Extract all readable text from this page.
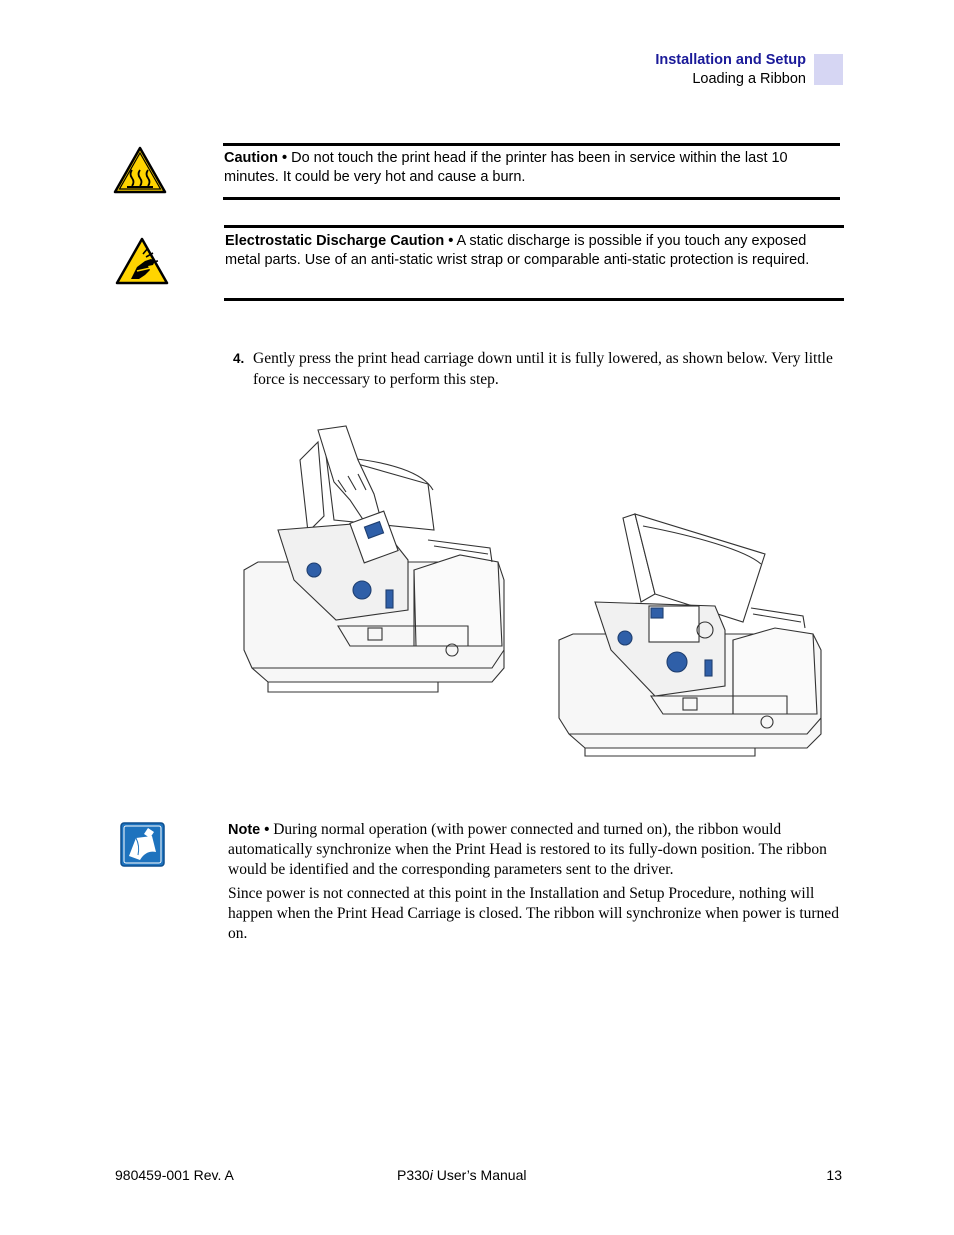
Installation and Setup
Loading a Ribbon
Caution • Do not touch the print head if the printer has been in service within the last 10 minutes. It could be very hot and cause a burn.
Electrostatic Discharge Caution • A static discharge is possible if you touch any exposed metal parts. Use of an anti-static wrist strap or comparable anti-static protection is required.
4. Gently press the print head carriage down until it is fully lowered, as shown below. Very little force is neccessary to perform this step.

Note • During normal operation (with power connected and turned on), the ribbon would automatically synchronize when the Print Head is restored to its fully-down position. The ribbon would be identified and the corresponding parameters sent to the driver.

Since power is not connected at this point in the Installation and Setup Procedure, nothing will happen when the Print Head Carriage is closed. The ribbon will synchronize when power is turned on.

980459-001 Rev. A	P330i User’s Manual	13
